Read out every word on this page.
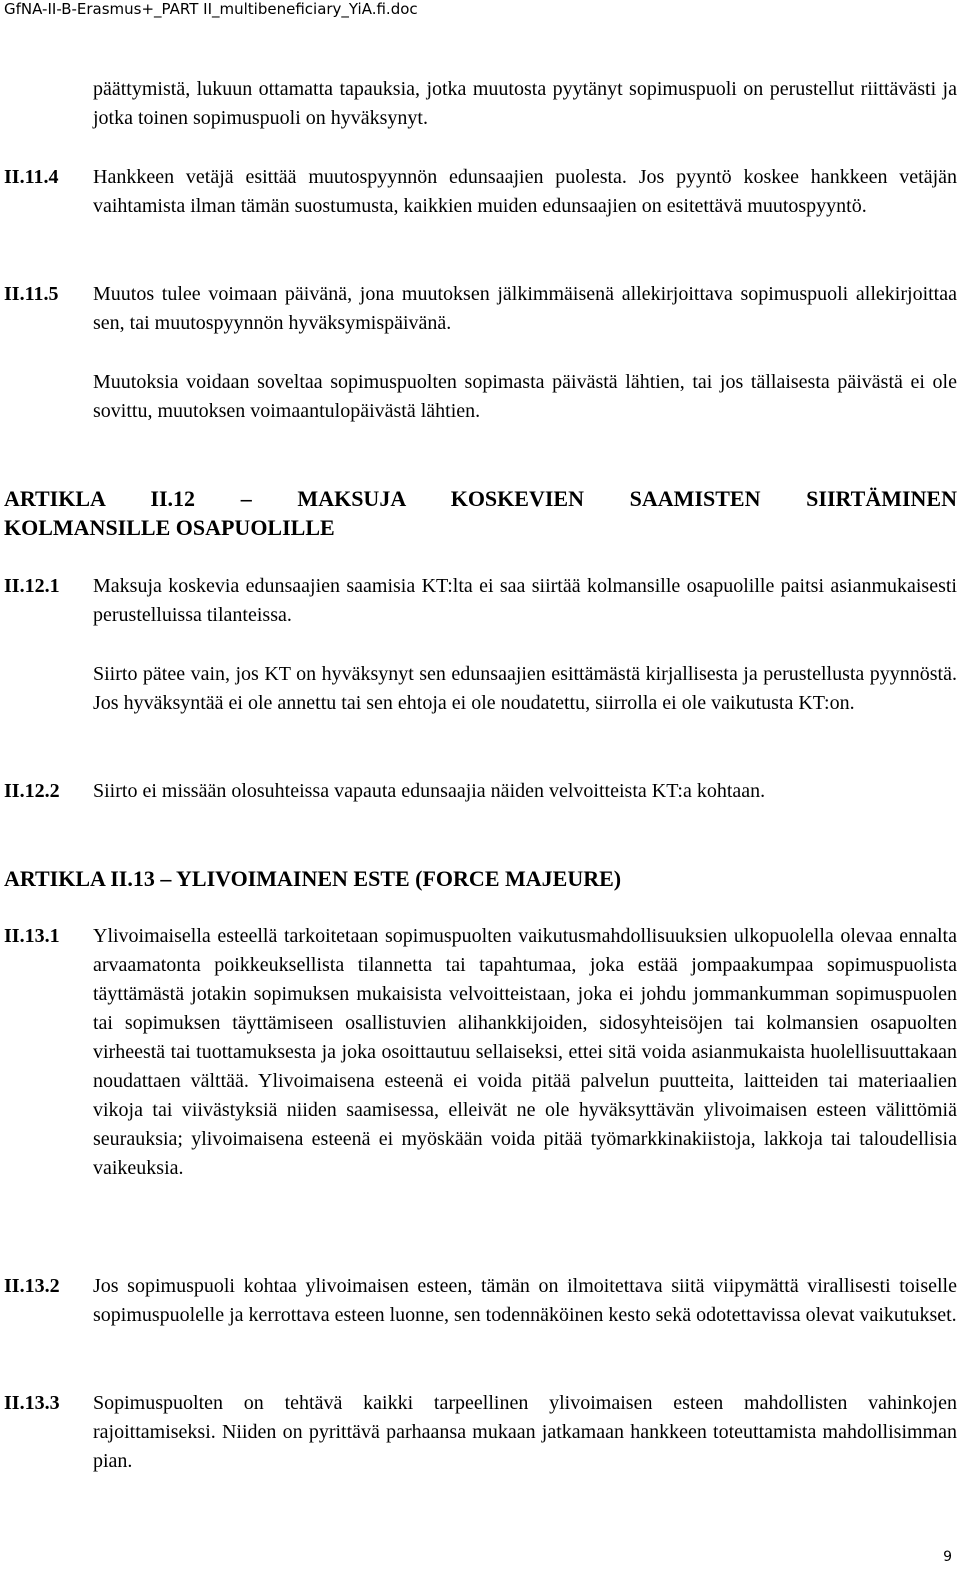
GfNA-II-B-Erasmus+_PART II_multibeneficiary_YiA.fi.doc
päättymistä, lukuun ottamatta tapauksia, jotka muutosta pyytänyt sopimuspuoli on perustellut riittävästi ja jotka toinen sopimuspuoli on hyväksynyt.
II.11.4 Hankkeen vetäjä esittää muutospyynnön edunsaajien puolesta. Jos pyyntö koskee hankkeen vetäjän vaihtamista ilman tämän suostumusta, kaikkien muiden edunsaajien on esitettävä muutospyyntö.
II.11.5 Muutos tulee voimaan päivänä, jona muutoksen jälkimmäisenä allekirjoittava sopimuspuoli allekirjoittaa sen, tai muutospyynnön hyväksymispäivänä.
Muutoksia voidaan soveltaa sopimuspuolten sopimasta päivästä lähtien, tai jos tällaisesta päivästä ei ole sovittu, muutoksen voimaantulopäivästä lähtien.
ARTIKLA II.12 – MAKSUJA KOSKEVIEN SAAMISTEN SIIRTÄMINEN
KOLMANSILLE OSAPUOLILLE
II.12.1 Maksuja koskevia edunsaajien saamisia KT:lta ei saa siirtää kolmansille osapuolille paitsi asianmukaisesti perustelluissa tilanteissa.
Siirto pätee vain, jos KT on hyväksynyt sen edunsaajien esittämästä kirjallisesta ja perustellusta pyynnöstä. Jos hyväksyntää ei ole annettu tai sen ehtoja ei ole noudatettu, siirrolla ei ole vaikutusta KT:on.
II.12.2 Siirto ei missään olosuhteissa vapauta edunsaajia näiden velvoitteista KT:a kohtaan.
ARTIKLA II.13 – YLIVOIMAINEN ESTE (FORCE MAJEURE)
II.13.1 Ylivoimaisella esteellä tarkoitetaan sopimuspuolten vaikutusmahdollisuuksien ulkopuolella olevaa ennalta arvaamatonta poikkeuksellista tilannetta tai tapahtumaa, joka estää jompaakumpaa sopimuspuolista täyttämästä jotakin sopimuksen mukaisista velvoitteistaan, joka ei johdu jommankumman sopimuspuolen tai sopimuksen täyttämiseen osallistuvien alihankkijoiden, sidosyhteisöjen tai kolmansien osapuolten virheestä tai tuottamuksesta ja joka osoittautuu sellaiseksi, ettei sitä voida asianmukaista huolellisuuttakaan noudattaen välttää. Ylivoimaisena esteenä ei voida pitää palvelun puutteita, laitteiden tai materiaalien vikoja tai viivästyksiä niiden saamisessa, elleivät ne ole hyväksyttävän ylivoimaisen esteen välittömiä seurauksia; ylivoimaisena esteenä ei myöskään voida pitää työmarkkinakiistoja, lakkoja tai taloudellisia vaikeuksia.
II.13.2 Jos sopimuspuoli kohtaa ylivoimaisen esteen, tämän on ilmoitettava siitä viipymättä virallisesti toiselle sopimuspuolelle ja kerrottava esteen luonne, sen todennäköinen kesto sekä odotettavissa olevat vaikutukset.
II.13.3 Sopimuspuolten on tehtävä kaikki tarpeellinen ylivoimaisen esteen mahdollisten vahinkojen rajoittamiseksi. Niiden on pyrittävä parhaansa mukaan jatkamaan hankkeen toteuttamista mahdollisimman pian.
9
